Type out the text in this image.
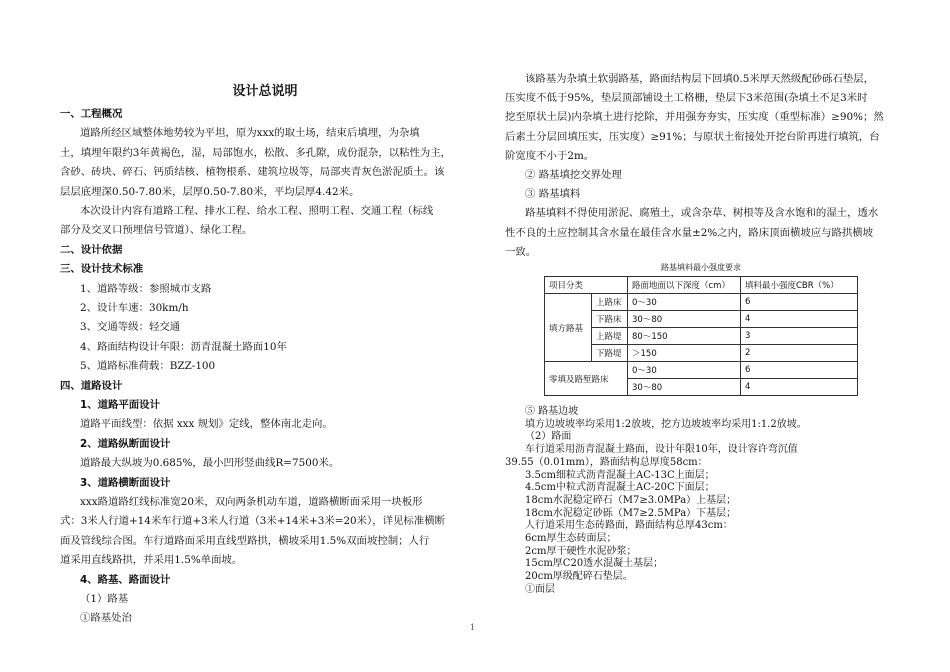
设计总说明
一、工程概况
道路所经区域整体地势较为平坦，原为xxx的取土场，结束后填埋，为杂填
土，填埋年限约3年黄褐色，湿，局部饱水，松散、多孔隙，成份混杂，以粘性为主，
含砂、砖块、碎石、钙质结核、植物根系、建筑垃圾等，局部夹青灰色淤泥质土。该
层层底埋深0.50-7.80米，层厚0.50-7.80米，平均层厚4.42米。
本次设计内容有道路工程、排水工程、给水工程、照明工程、交通工程（标线
部分及交叉口预埋信号管道）、绿化工程。
二、设计依据
三、设计技术标准
1、道路等级：参照城市支路
2、设计车速：30km/h
3、交通等级：轻交通
4、路面结构设计年限：沥青混凝土路面10年
5、道路标准荷载：BZZ-100
四、道路设计
1、道路平面设计
道路平面线型：依据 xxx 规划》定线，整体南北走向。
2、道路纵断面设计
道路最大纵坡为0.685%，最小凹形竖曲线R=7500米。
3、道路横断面设计
xxx路道路红线标准宽20米，双向两条机动车道，道路横断面采用一块板形
式：3米人行道+14米车行道+3米人行道（3米+14米+3米=20米），详见标准横断
面及管线综合图。车行道路面采用直线型路拱，横坡采用1.5%双面坡控制；人行
道采用直线路拱，并采用1.5%单面坡。
4、路基、路面设计
（1）路基
①路基处治
该路基为杂填土软弱路基，路面结构层下回填0.5米厚天然级配砂砾石垫层，
压实度不低于95%，垫层顶部铺设土工格栅，垫层下3米范围(杂填土不足3米时
挖至原状土层)内杂填土进行挖除，并用强夯夯实，压实度（重型标准）≥90%；然
后素土分层回填压实，压实度）≥91%；与原状土衔接处开挖台阶再进行填筑，台
阶宽度不小于2m。
② 路基填挖交界处理
③ 路基填料
路基填料不得使用淤泥、腐殖土，或含杂草、树根等及含水饱和的湿土，透水
性不良的土应控制其含水量在最佳含水量±2%之内，路床顶面横坡应与路拱横坡
一致。
路基填料最小强度要求
项目分类		路面地面以下深度（cm）	填料最小强度CBR（%）
填方路基	上路床	0～30	6
	下路床	30～80	4
	上路堤	80～150	3
	下路堤	＞150	2
零填及路堑路床		0～30	6
		30～80	4
⑤ 路基边坡
填方边坡坡率均采用1:2放坡，挖方边坡坡率均采用1:1.2放坡。
（2）路面
车行道采用沥青混凝土路面，设计年限10年，设计容许弯沉值
39.55（0.01mm），路面结构总厚度58cm：
3.5cm细粒式沥青混凝土AC-13C上面层；
4.5cm中粒式沥青混凝土AC-20C下面层；
18cm水泥稳定碎石（M7≥3.0MPa）上基层；
18cm水泥稳定砂砾（M7≥2.5MPa）下基层；
人行道采用生态砖路面，路面结构总厚43cm：
6cm厚生态砖面层；
2cm厚干硬性水泥砂浆；
15cm厚C20透水混凝土基层；
20cm厚级配碎石垫层。
①面层
1
